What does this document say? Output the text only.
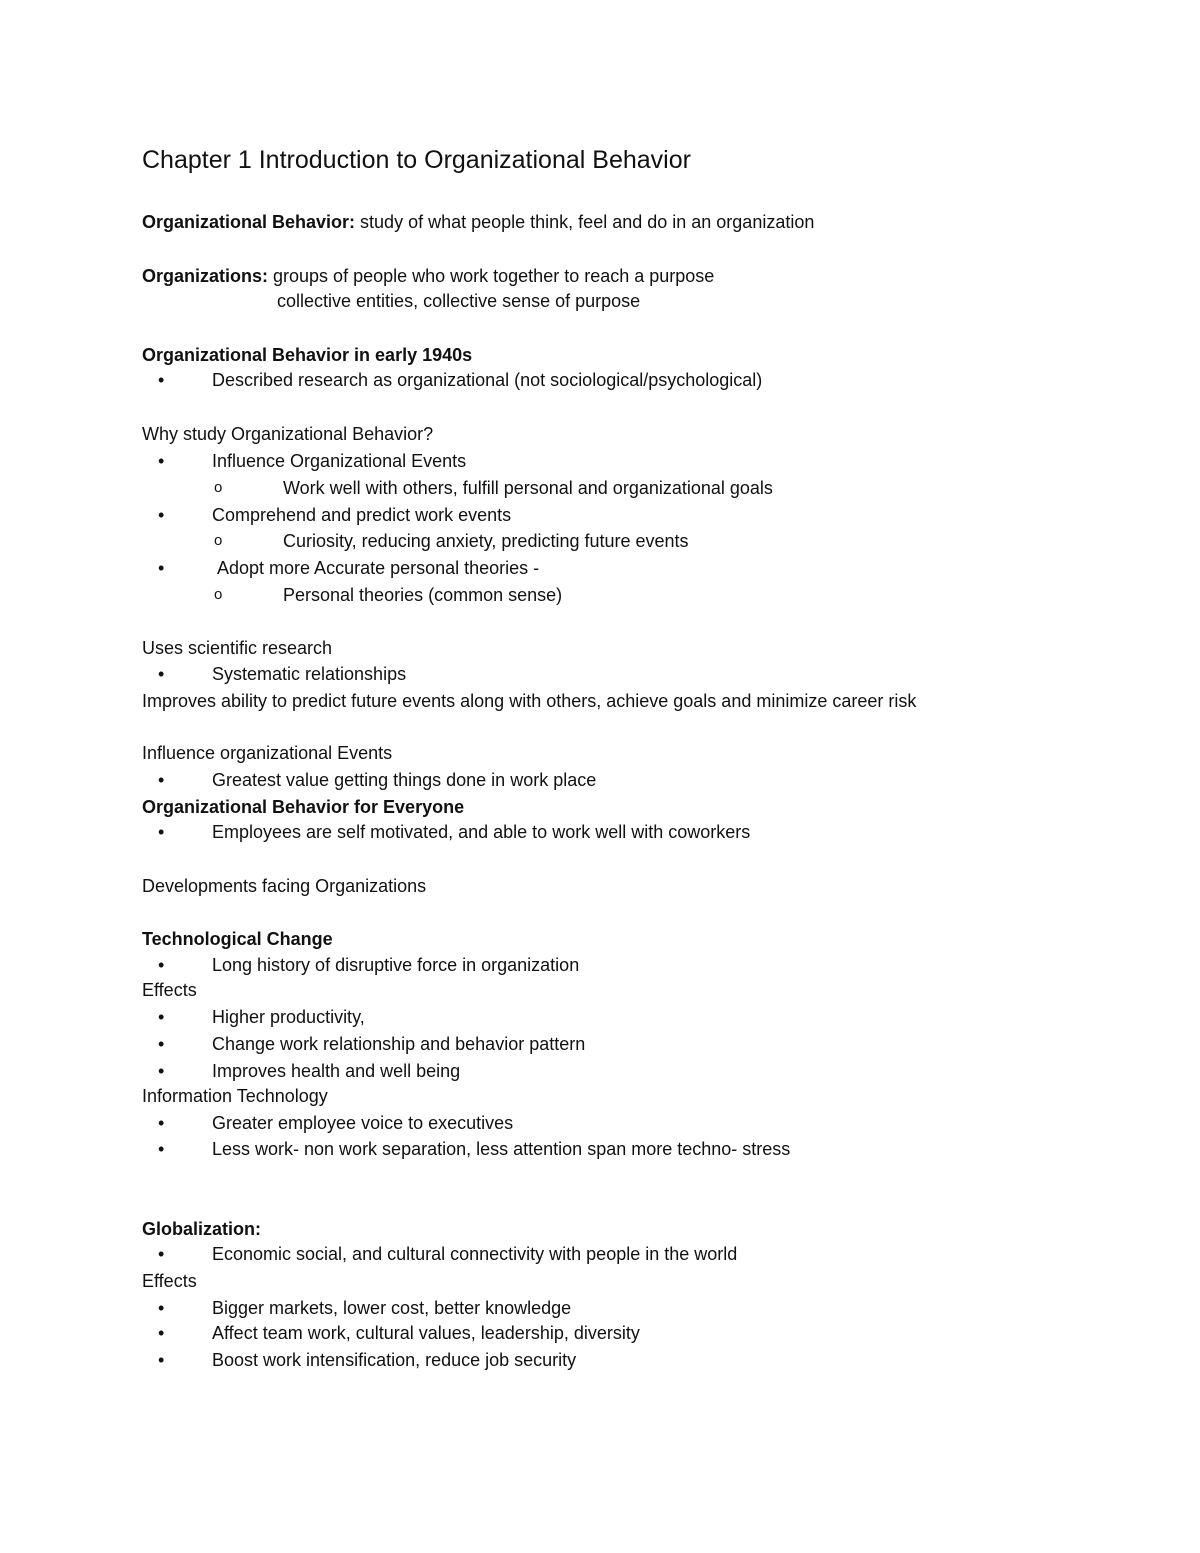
Chapter 1 Introduction to Organizational Behavior
Organizational Behavior: study of what people think, feel and do in an organization
Organizations: groups of people who work together to reach a purpose
collective entities, collective sense of purpose
Organizational Behavior in early 1940s
•	Described research as organizational (not sociological/psychological)
Why study Organizational Behavior?
•	Influence Organizational Events
o	Work well with others, fulfill personal and organizational goals
•	Comprehend and predict work events
o	Curiosity, reducing anxiety, predicting future events
•	Adopt more Accurate personal theories -
o	Personal theories (common sense)
Uses scientific research
•	Systematic relationships
Improves ability to predict future events along with others, achieve goals and minimize career risk
Influence organizational Events
•	Greatest value getting things done in work place
Organizational Behavior for Everyone
•	Employees are self motivated, and able to work well with coworkers
Developments facing Organizations
Technological Change
•	Long history of disruptive force in organization
Effects
•	Higher productivity,
•	Change work relationship and behavior pattern
•	Improves health and well being
Information Technology
•	Greater employee voice to executives
•	Less work- non work separation, less attention span more techno- stress
Globalization:
•	Economic social, and cultural connectivity with people in the world
Effects
•	Bigger markets, lower cost, better knowledge
•	Affect team work, cultural values, leadership, diversity
•	Boost work intensification, reduce job security
